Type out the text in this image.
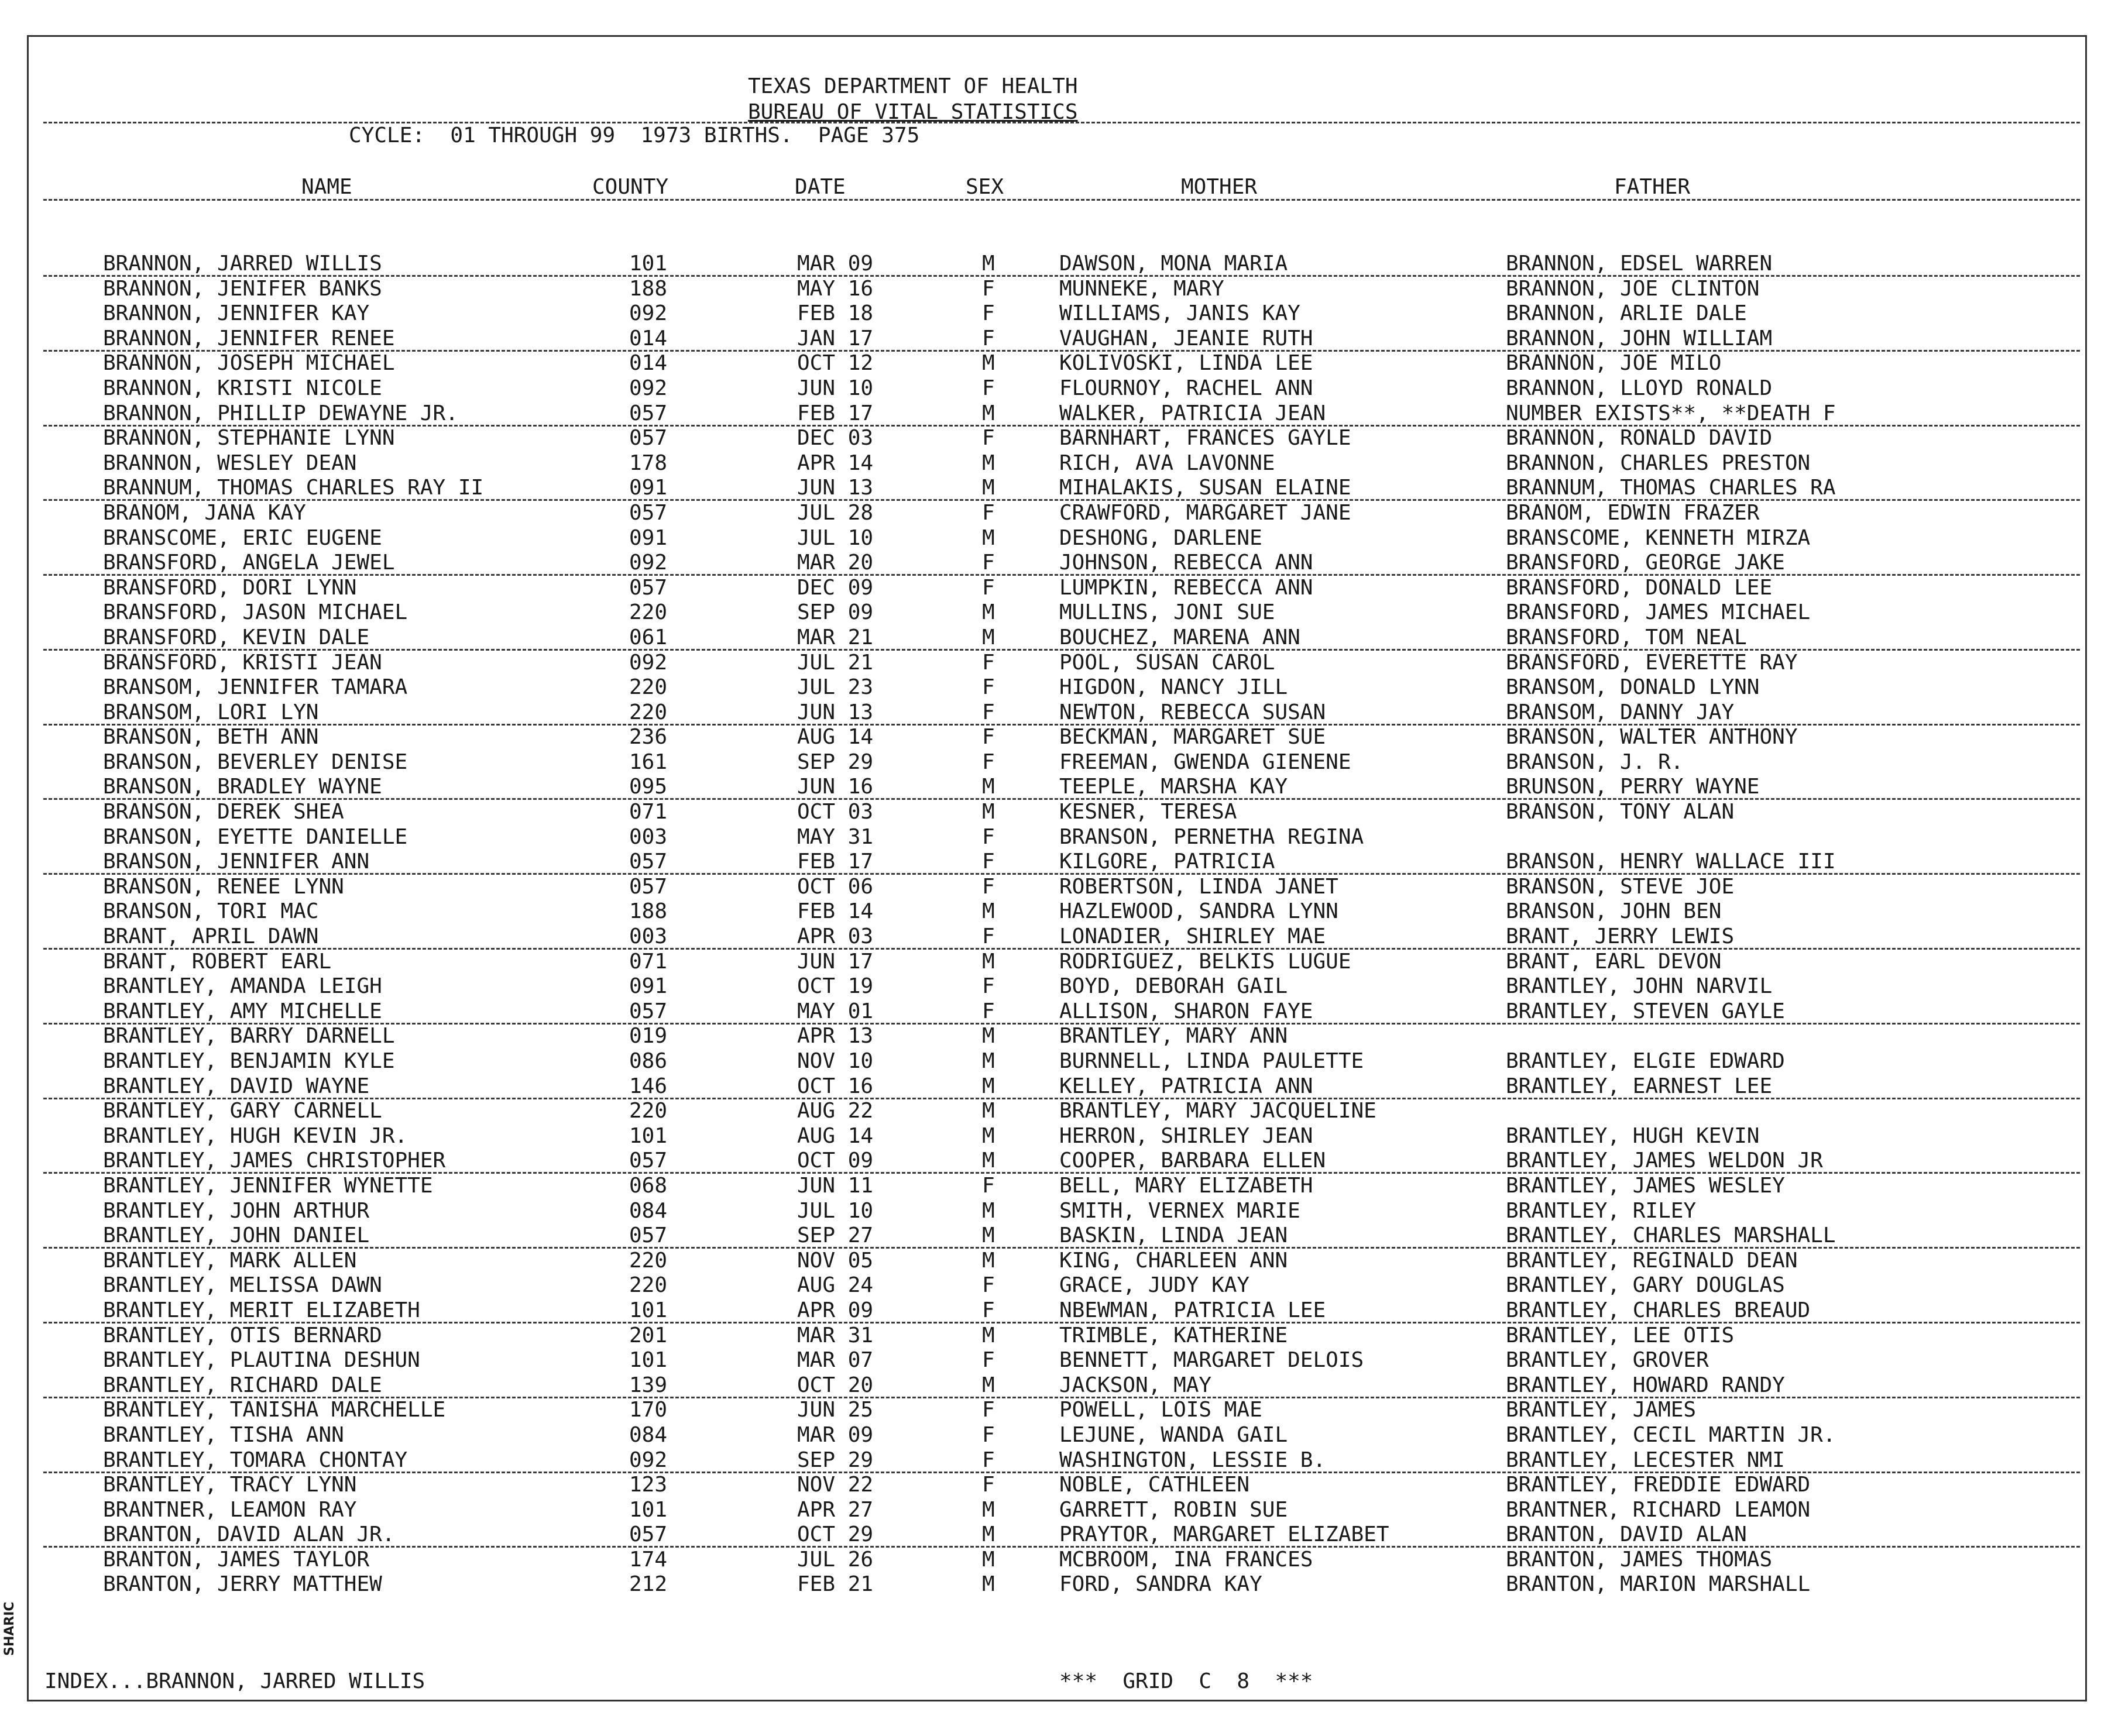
TEXAS DEPARTMENT OF HEALTH
BUREAU OF VITAL STATISTICS
CYCLE:  01 THROUGH 99  1973 BIRTHS.  PAGE 375
NAME	COUNTY	DATE	SEX	MOTHER	FATHER
BRANNON, JARRED WILLIS	101	MAR 09	M	DAWSON, MONA MARIA	BRANNON, EDSEL WARREN
BRANNON, JENIFER BANKS	188	MAY 16	F	MUNNEKE, MARY	BRANNON, JOE CLINTON
BRANNON, JENNIFER KAY	092	FEB 18	F	WILLIAMS, JANIS KAY	BRANNON, ARLIE DALE
BRANNON, JENNIFER RENEE	014	JAN 17	F	VAUGHAN, JEANIE RUTH	BRANNON, JOHN WILLIAM
BRANNON, JOSEPH MICHAEL	014	OCT 12	M	KOLIVOSKI, LINDA LEE	BRANNON, JOE MILO
BRANNON, KRISTI NICOLE	092	JUN 10	F	FLOURNOY, RACHEL ANN	BRANNON, LLOYD RONALD
BRANNON, PHILLIP DEWAYNE JR.	057	FEB 17	M	WALKER, PATRICIA JEAN	NUMBER EXISTS**, **DEATH F
BRANNON, STEPHANIE LYNN	057	DEC 03	F	BARNHART, FRANCES GAYLE	BRANNON, RONALD DAVID
BRANNON, WESLEY DEAN	178	APR 14	M	RICH, AVA LAVONNE	BRANNON, CHARLES PRESTON
BRANNUM, THOMAS CHARLES RAY II	091	JUN 13	M	MIHALAKIS, SUSAN ELAINE	BRANNUM, THOMAS CHARLES RA
BRANOM, JANA KAY	057	JUL 28	F	CRAWFORD, MARGARET JANE	BRANOM, EDWIN FRAZER
BRANSCOME, ERIC EUGENE	091	JUL 10	M	DESHONG, DARLENE	BRANSCOME, KENNETH MIRZA
BRANSFORD, ANGELA JEWEL	092	MAR 20	F	JOHNSON, REBECCA ANN	BRANSFORD, GEORGE JAKE
BRANSFORD, DORI LYNN	057	DEC 09	F	LUMPKIN, REBECCA ANN	BRANSFORD, DONALD LEE
BRANSFORD, JASON MICHAEL	220	SEP 09	M	MULLINS, JONI SUE	BRANSFORD, JAMES MICHAEL
BRANSFORD, KEVIN DALE	061	MAR 21	M	BOUCHEZ, MARENA ANN	BRANSFORD, TOM NEAL
BRANSFORD, KRISTI JEAN	092	JUL 21	F	POOL, SUSAN CAROL	BRANSFORD, EVERETTE RAY
BRANSOM, JENNIFER TAMARA	220	JUL 23	F	HIGDON, NANCY JILL	BRANSOM, DONALD LYNN
BRANSOM, LORI LYN	220	JUN 13	F	NEWTON, REBECCA SUSAN	BRANSOM, DANNY JAY
BRANSON, BETH ANN	236	AUG 14	F	BECKMAN, MARGARET SUE	BRANSON, WALTER ANTHONY
BRANSON, BEVERLEY DENISE	161	SEP 29	F	FREEMAN, GWENDA GIENENE	BRANSON, J. R.
BRANSON, BRADLEY WAYNE	095	JUN 16	M	TEEPLE, MARSHA KAY	BRUNSON, PERRY WAYNE
BRANSON, DEREK SHEA	071	OCT 03	M	KESNER, TERESA	BRANSON, TONY ALAN
BRANSON, EYETTE DANIELLE	003	MAY 31	F	BRANSON, PERNETHA REGINA
BRANSON, JENNIFER ANN	057	FEB 17	F	KILGORE, PATRICIA	BRANSON, HENRY WALLACE III
BRANSON, RENEE LYNN	057	OCT 06	F	ROBERTSON, LINDA JANET	BRANSON, STEVE JOE
BRANSON, TORI MAC	188	FEB 14	M	HAZLEWOOD, SANDRA LYNN	BRANSON, JOHN BEN
BRANT, APRIL DAWN	003	APR 03	F	LONADIER, SHIRLEY MAE	BRANT, JERRY LEWIS
BRANT, ROBERT EARL	071	JUN 17	M	RODRIGUEZ, BELKIS LUGUE	BRANT, EARL DEVON
BRANTLEY, AMANDA LEIGH	091	OCT 19	F	BOYD, DEBORAH GAIL	BRANTLEY, JOHN NARVIL
BRANTLEY, AMY MICHELLE	057	MAY 01	F	ALLISON, SHARON FAYE	BRANTLEY, STEVEN GAYLE
BRANTLEY, BARRY DARNELL	019	APR 13	M	BRANTLEY, MARY ANN
BRANTLEY, BENJAMIN KYLE	086	NOV 10	M	BURNNELL, LINDA PAULETTE	BRANTLEY, ELGIE EDWARD
BRANTLEY, DAVID WAYNE	146	OCT 16	M	KELLEY, PATRICIA ANN	BRANTLEY, EARNEST LEE
BRANTLEY, GARY CARNELL	220	AUG 22	M	BRANTLEY, MARY JACQUELINE
BRANTLEY, HUGH KEVIN JR.	101	AUG 14	M	HERRON, SHIRLEY JEAN	BRANTLEY, HUGH KEVIN
BRANTLEY, JAMES CHRISTOPHER	057	OCT 09	M	COOPER, BARBARA ELLEN	BRANTLEY, JAMES WELDON JR
BRANTLEY, JENNIFER WYNETTE	068	JUN 11	F	BELL, MARY ELIZABETH	BRANTLEY, JAMES WESLEY
BRANTLEY, JOHN ARTHUR	084	JUL 10	M	SMITH, VERNEX MARIE	BRANTLEY, RILEY
BRANTLEY, JOHN DANIEL	057	SEP 27	M	BASKIN, LINDA JEAN	BRANTLEY, CHARLES MARSHALL
BRANTLEY, MARK ALLEN	220	NOV 05	M	KING, CHARLEEN ANN	BRANTLEY, REGINALD DEAN
BRANTLEY, MELISSA DAWN	220	AUG 24	F	GRACE, JUDY KAY	BRANTLEY, GARY DOUGLAS
BRANTLEY, MERIT ELIZABETH	101	APR 09	F	NBEWMAN, PATRICIA LEE	BRANTLEY, CHARLES BREAUD
BRANTLEY, OTIS BERNARD	201	MAR 31	M	TRIMBLE, KATHERINE	BRANTLEY, LEE OTIS
BRANTLEY, PLAUTINA DESHUN	101	MAR 07	F	BENNETT, MARGARET DELOIS	BRANTLEY, GROVER
BRANTLEY, RICHARD DALE	139	OCT 20	M	JACKSON, MAY	BRANTLEY, HOWARD RANDY
BRANTLEY, TANISHA MARCHELLE	170	JUN 25	F	POWELL, LOIS MAE	BRANTLEY, JAMES
BRANTLEY, TISHA ANN	084	MAR 09	F	LEJUNE, WANDA GAIL	BRANTLEY, CECIL MARTIN JR.
BRANTLEY, TOMARA CHONTAY	092	SEP 29	F	WASHINGTON, LESSIE B.	BRANTLEY, LECESTER NMI
BRANTLEY, TRACY LYNN	123	NOV 22	F	NOBLE, CATHLEEN	BRANTLEY, FREDDIE EDWARD
BRANTNER, LEAMON RAY	101	APR 27	M	GARRETT, ROBIN SUE	BRANTNER, RICHARD LEAMON
BRANTON, DAVID ALAN JR.	057	OCT 29	M	PRAYTOR, MARGARET ELIZABET	BRANTON, DAVID ALAN
BRANTON, JAMES TAYLOR	174	JUL 26	M	MCBROOM, INA FRANCES	BRANTON, JAMES THOMAS
BRANTON, JERRY MATTHEW	212	FEB 21	M	FORD, SANDRA KAY	BRANTON, MARION MARSHALL
INDEX...BRANNON, JARRED WILLIS	***  GRID  C  8  ***
SHARIC
